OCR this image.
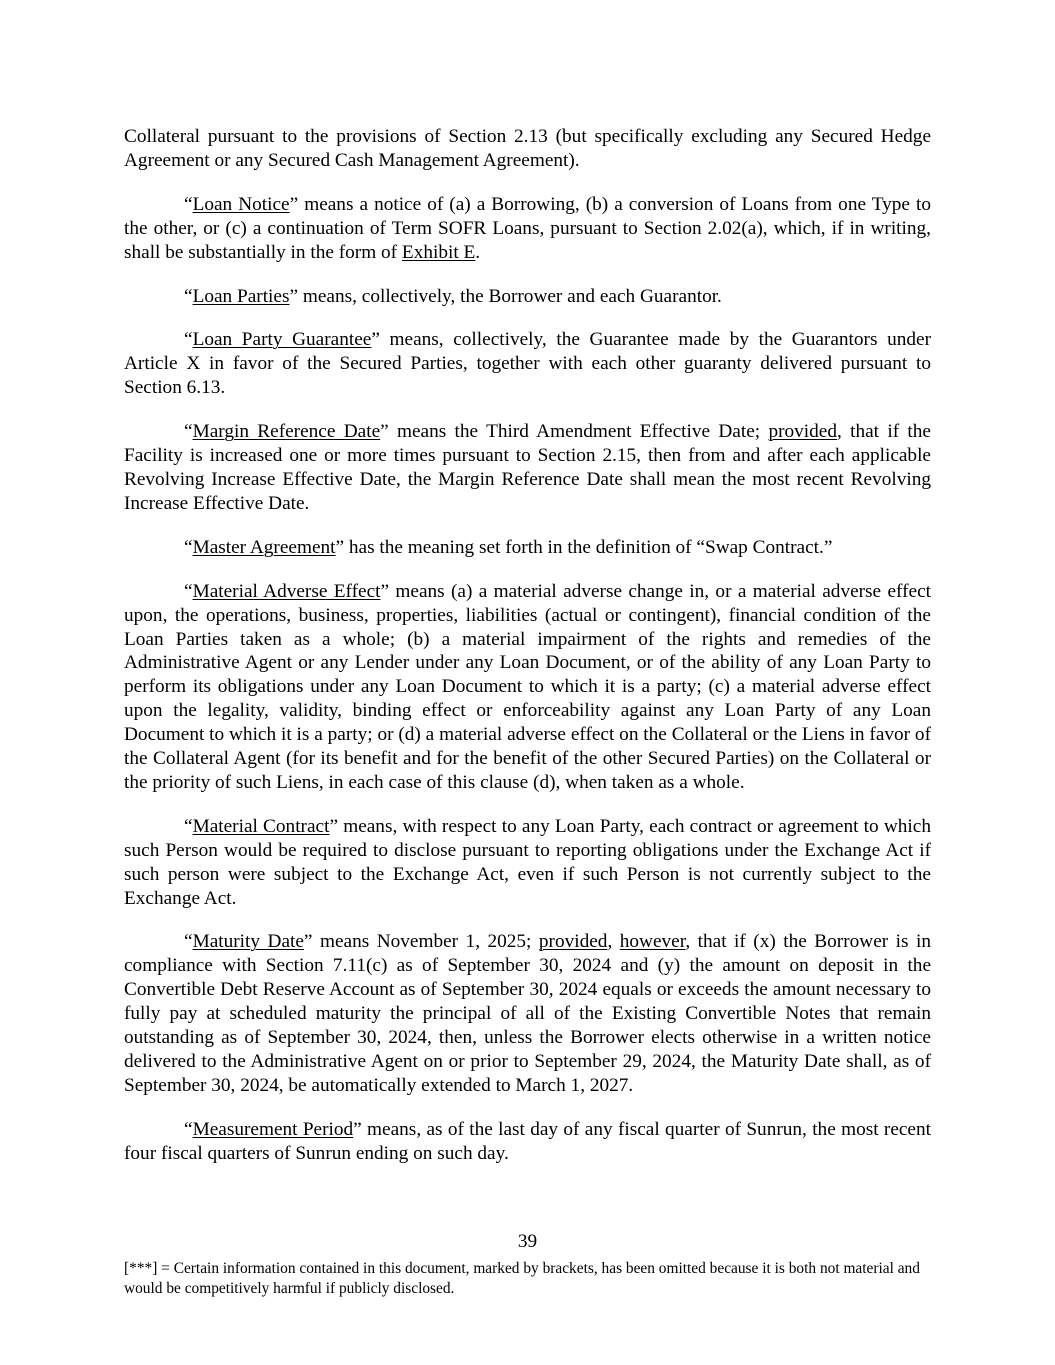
Collateral pursuant to the provisions of Section 2.13 (but specifically excluding any Secured Hedge Agreement or any Secured Cash Management Agreement).

“Loan Notice” means a notice of (a) a Borrowing, (b) a conversion of Loans from one Type to the other, or (c) a continuation of Term SOFR Loans, pursuant to Section 2.02(a), which, if in writing, shall be substantially in the form of Exhibit E.

“Loan Parties” means, collectively, the Borrower and each Guarantor.

“Loan Party Guarantee” means, collectively, the Guarantee made by the Guarantors under Article X in favor of the Secured Parties, together with each other guaranty delivered pursuant to Section 6.13.

“Margin Reference Date” means the Third Amendment Effective Date; provided, that if the Facility is increased one or more times pursuant to Section 2.15, then from and after each applicable Revolving Increase Effective Date, the Margin Reference Date shall mean the most recent Revolving Increase Effective Date.

“Master Agreement” has the meaning set forth in the definition of “Swap Contract.”

“Material Adverse Effect” means (a) a material adverse change in, or a material adverse effect upon, the operations, business, properties, liabilities (actual or contingent), financial condition of the Loan Parties taken as a whole; (b) a material impairment of the rights and remedies of the Administrative Agent or any Lender under any Loan Document, or of the ability of any Loan Party to perform its obligations under any Loan Document to which it is a party; (c) a material adverse effect upon the legality, validity, binding effect or enforceability against any Loan Party of any Loan Document to which it is a party; or (d) a material adverse effect on the Collateral or the Liens in favor of the Collateral Agent (for its benefit and for the benefit of the other Secured Parties) on the Collateral or the priority of such Liens, in each case of this clause (d), when taken as a whole.

“Material Contract” means, with respect to any Loan Party, each contract or agreement to which such Person would be required to disclose pursuant to reporting obligations under the Exchange Act if such person were subject to the Exchange Act, even if such Person is not currently subject to the Exchange Act.

“Maturity Date” means November 1, 2025; provided, however, that if (x) the Borrower is in compliance with Section 7.11(c) as of September 30, 2024 and (y) the amount on deposit in the Convertible Debt Reserve Account as of September 30, 2024 equals or exceeds the amount necessary to fully pay at scheduled maturity the principal of all of the Existing Convertible Notes that remain outstanding as of September 30, 2024, then, unless the Borrower elects otherwise in a written notice delivered to the Administrative Agent on or prior to September 29, 2024, the Maturity Date shall, as of September 30, 2024, be automatically extended to March 1, 2027.

“Measurement Period” means, as of the last day of any fiscal quarter of Sunrun, the most recent four fiscal quarters of Sunrun ending on such day.

39
[***] = Certain information contained in this document, marked by brackets, has been omitted because it is both not material and would be competitively harmful if publicly disclosed.
